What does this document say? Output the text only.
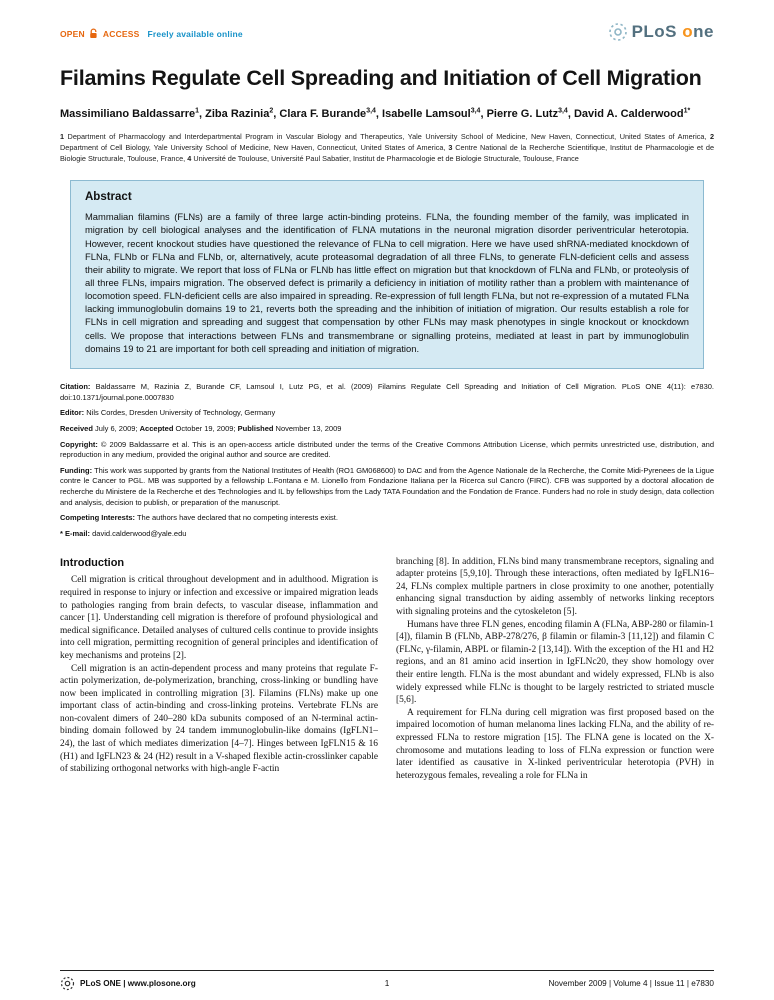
OPEN ACCESS Freely available online	PLoS one
Filamins Regulate Cell Spreading and Initiation of Cell Migration

Massimiliano Baldassarre$^1$, Ziba Razinia$^2$, Clara F. Burande$^{3,4}$, Isabelle Lamsoul$^{3,4}$, Pierre G. Lutz$^{3,4}$, David A. Calderwood$^{1*}$

1 Department of Pharmacology and Interdepartmental Program in Vascular Biology and Therapeutics, Yale University School of Medicine, New Haven, Connecticut, United States of America, 2 Department of Cell Biology, Yale University School of Medicine, New Haven, Connecticut, United States of America, 3 Centre National de la Recherche Scientifique, Institut de Pharmacologie et de Biologie Structurale, Toulouse, France, 4 Université de Toulouse, Université Paul Sabatier, Institut de Pharmacologie et de Biologie Structurale, Toulouse, France

Abstract

Mammalian filamins (FLNs) are a family of three large actin-binding proteins. FLNa, the founding member of the family, was implicated in migration by cell biological analyses and the identification of FLNA mutations in the neuronal migration disorder periventricular heterotopia. However, recent knockout studies have questioned the relevance of FLNa to cell migration. Here we have used shRNA-mediated knockdown of FLNa, FLNb or FLNa and FLNb, or, alternatively, acute proteasomal degradation of all three FLNs, to generate FLN-deficient cells and assess their ability to migrate. We report that loss of FLNa or FLNb has little effect on migration but that knockdown of FLNa and FLNb, or proteolysis of all three FLNs, impairs migration. The observed defect is primarily a deficiency in initiation of motility rather than a problem with maintenance of locomotion speed. FLN-deficient cells are also impaired in spreading. Re-expression of full length FLNa, but not re-expression of a mutated FLNa lacking immunoglobulin domains 19 to 21, reverts both the spreading and the inhibition of initiation of migration. Our results establish a role for FLNs in cell migration and spreading and suggest that compensation by other FLNs may mask phenotypes in single knockout or knockdown cells. We propose that interactions between FLNs and transmembrane or signalling proteins, mediated at least in part by immunoglobulin domains 19 to 21 are important for both cell spreading and initiation of migration.

Citation: Baldassarre M, Razinia Z, Burande CF, Lamsoul I, Lutz PG, et al. (2009) Filamins Regulate Cell Spreading and Initiation of Cell Migration. PLoS ONE 4(11): e7830. doi:10.1371/journal.pone.0007830

Editor: Nils Cordes, Dresden University of Technology, Germany

Received July 6, 2009; Accepted October 19, 2009; Published November 13, 2009

Copyright: © 2009 Baldassarre et al. This is an open-access article distributed under the terms of the Creative Commons Attribution License, which permits unrestricted use, distribution, and reproduction in any medium, provided the original author and source are credited.

Funding: This work was supported by grants from the National Institutes of Health (RO1 GM068600) to DAC and from the Agence Nationale de la Recherche, the Comite Midi-Pyrenees de la Ligue contre le Cancer to PGL. MB was supported by a fellowship L.Fontana e M. Lionello from Fondazione Italiana per la Ricerca sul Cancro (FIRC). CFB was supported by a doctoral allocation de recherche du Ministere de la Recherche et des Technologies and IL by fellowships from the Lady TATA Foundation and the Fondation de France. Funders had no role in study design, data collection and analysis, decision to publish, or preparation of the manuscript.

Competing Interests: The authors have declared that no competing interests exist.

* E-mail: david.calderwood@yale.edu

Introduction

Cell migration is critical throughout development and in adulthood. Migration is required in response to injury or infection and excessive or impaired migration leads to pathologies ranging from brain defects, to vascular disease, inflammation and cancer [1]. Understanding cell migration is therefore of profound physiological and medical significance. Detailed analyses of cultured cells continue to provide insights into cell migration, permitting recognition of general principles and identification of key mechanisms and proteins [2].

Cell migration is an actin-dependent process and many proteins that regulate F-actin polymerization, de-polymerization, branching, cross-linking or bundling have now been implicated in controlling migration [3]. Filamins (FLNs) make up one important class of actin-binding and cross-linking proteins. Vertebrate FLNs are non-covalent dimers of 240–280 kDa subunits composed of an N-terminal actin-binding domain followed by 24 tandem immunoglobulin-like domains (IgFLN1–24), the last of which mediates dimerization [4–7]. Hinges between IgFLN15 & 16 (H1) and IgFLN23 & 24 (H2) result in a V-shaped flexible actin-crosslinker capable of stabilizing orthogonal networks with high-angle F-actin

branching [8]. In addition, FLNs bind many transmembrane receptors, signaling and adapter proteins [5,9,10]. Through these interactions, often mediated by IgFLN16–24, FLNs complex multiple partners in close proximity to one another, potentially enhancing signal transduction by aiding assembly of networks linking receptors with signaling proteins and the cytoskeleton [5].

Humans have three FLN genes, encoding filamin A (FLNa, ABP-280 or filamin-1 [4]), filamin B (FLNb, ABP-278/276, β filamin or filamin-3 [11,12]) and filamin C (FLNc, γ-filamin, ABPL or filamin-2 [13,14]). With the exception of the H1 and H2 regions, and an 81 amino acid insertion in IgFLNc20, they show homology over their entire length. FLNa is the most abundant and widely expressed, FLNb is also widely expressed while FLNc is thought to be largely restricted to striated muscle [5,6].

A requirement for FLNa during cell migration was first proposed based on the impaired locomotion of human melanoma lines lacking FLNa, and the ability of re-expressed FLNa to restore migration [15]. The FLNA gene is located on the X-chromosome and mutations leading to loss of FLNa expression or function were later identified as causative in X-linked periventricular heterotopia (PVH) in heterozygous females, revealing a role for FLNa in

PLoS ONE | www.plosone.org	1	November 2009 | Volume 4 | Issue 11 | e7830
